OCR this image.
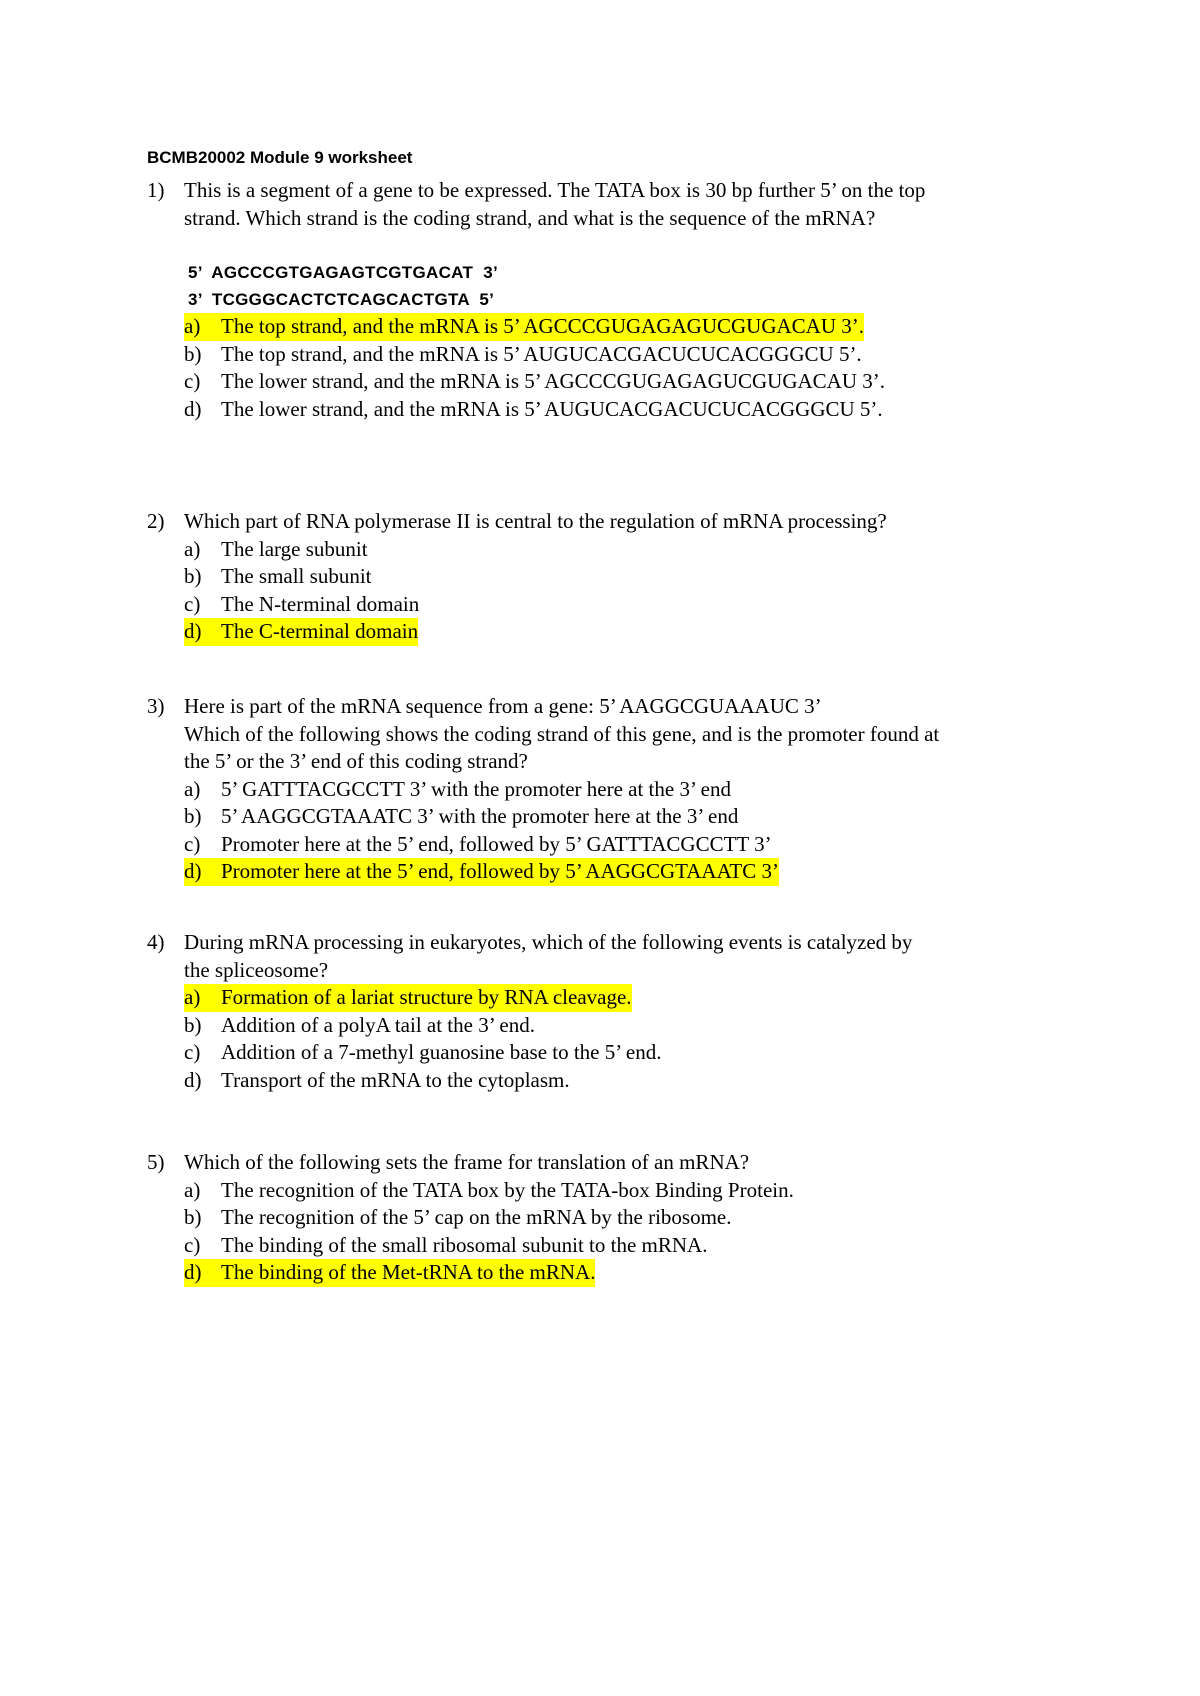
BCMB20002 Module 9 worksheet
1) This is a segment of a gene to be expressed. The TATA box is 30 bp further 5’ on the top
strand. Which strand is the coding strand, and what is the sequence of the mRNA?
5’  AGCCCGTGAGAGTCGTGACAT  3’
3’  TCGGGCACTCTCAGCACTGTA  5’
a) The top strand, and the mRNA is 5’ AGCCCGUGAGAGUCGUGACAU 3’.
b) The top strand, and the mRNA is 5’ AUGUCACGACUCUCACGGGCU 5’.
c) The lower strand, and the mRNA is 5’ AGCCCGUGAGAGUCGUGACAU 3’.
d) The lower strand, and the mRNA is 5’ AUGUCACGACUCUCACGGGCU 5’.
2) Which part of RNA polymerase II is central to the regulation of mRNA processing?
a) The large subunit
b) The small subunit
c) The N-terminal domain
d) The C-terminal domain
3) Here is part of the mRNA sequence from a gene: 5’ AAGGCGUAAAUC 3’
Which of the following shows the coding strand of this gene, and is the promoter found at
the 5’ or the 3’ end of this coding strand?
a) 5’ GATTTACGCCTT 3’ with the promoter here at the 3’ end
b) 5’ AAGGCGTAAATC 3’ with the promoter here at the 3’ end
c) Promoter here at the 5’ end, followed by 5’ GATTTACGCCTT 3’
d) Promoter here at the 5’ end, followed by 5’ AAGGCGTAAATC 3’
4) During mRNA processing in eukaryotes, which of the following events is catalyzed by
the spliceosome?
a) Formation of a lariat structure by RNA cleavage.
b) Addition of a polyA tail at the 3’ end.
c) Addition of a 7-methyl guanosine base to the 5’ end.
d) Transport of the mRNA to the cytoplasm.
5) Which of the following sets the frame for translation of an mRNA?
a) The recognition of the TATA box by the TATA-box Binding Protein.
b) The recognition of the 5’ cap on the mRNA by the ribosome.
c) The binding of the small ribosomal subunit to the mRNA.
d) The binding of the Met-tRNA to the mRNA.
